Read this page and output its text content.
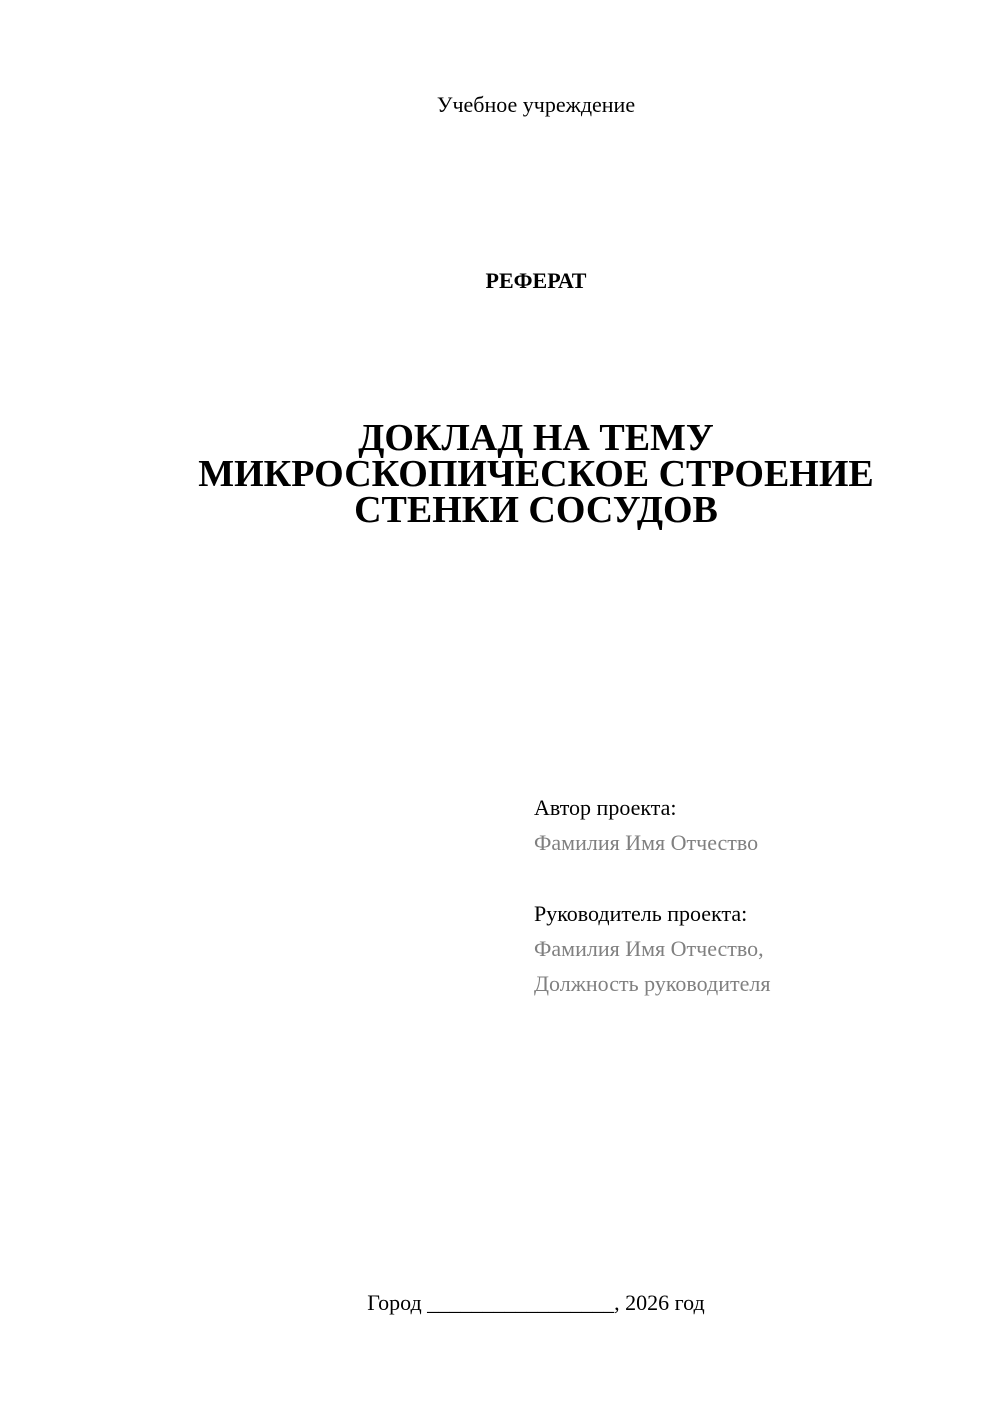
Учебное учреждение
РЕФЕРАТ
ДОКЛАД НА ТЕМУ
МИКРОСКОПИЧЕСКОЕ СТРОЕНИЕ
СТЕНКИ СОСУДОВ
Автор проекта:
Фамилия Имя Отчество
Руководитель проекта:
Фамилия Имя Отчество,
Должность руководителя
Город _________________, 2026 год
